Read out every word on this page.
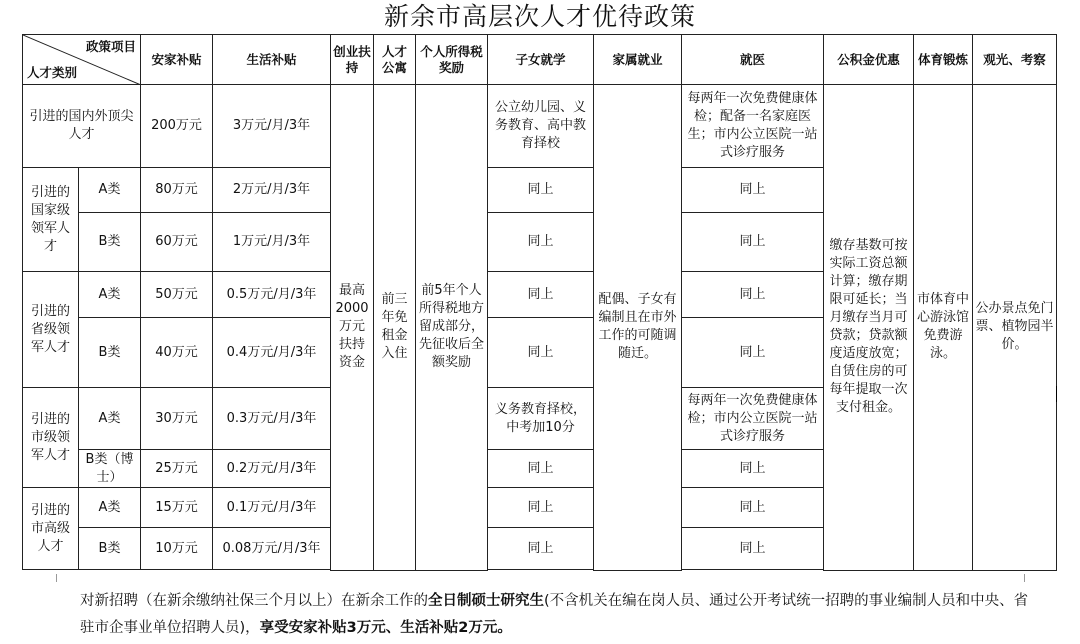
新余市高层次人才优待政策
政策项目
人才类别		安家补贴	生活补贴	创业扶持	人才公寓	个人所得税奖励	子女就学	家属就业	就医	公积金优惠	体育锻炼	观光、考察
引进的国内外顶尖人才		200万元	3万元/月/3年	最高2000万元扶持资金	前三年免租金入住	前5年个人所得税地方留成部分，先征收后全额奖励	公立幼儿园、义务教育、高中教育择校	配偶、子女有编制且在市外工作的可随调随迁。	每两年一次免费健康体检；配备一名家庭医生；市内公立医院一站式诊疗服务	缴存基数可按实际工资总额计算；缴存期限可延长；当月缴存当月可贷款；贷款额度适度放宽；自赁住房的可每年提取一次支付租金。	市体育中心游泳馆免费游泳。	公办景点免门票、植物园半价。
引进的国家级领军人才	A类	80万元	2万元/月/3年				同上		同上			
	B类	60万元	1万元/月/3年				同上		同上			
引进的省级领军人才	A类	50万元	0.5万元/月/3年				同上		同上			
	B类	40万元	0.4万元/月/3年				同上		同上			
引进的市级领军人才	A类	30万元	0.3万元/月/3年				义务教育择校，中考加10分		每两年一次免费健康体检；市内公立医院一站式诊疗服务			
	B类（博士）	25万元	0.2万元/月/3年				同上		同上			
引进的市高级人才	A类	15万元	0.1万元/月/3年				同上		同上			
	B类	10万元	0.08万元/月/3年				同上		同上			

对新招聘（在新余缴纳社保三个月以上）在新余工作的全日制硕士研究生(不含机关在编在岗人员、通过公开考试统一招聘的事业编制人员和中央、省驻市企事业单位招聘人员)，享受安家补贴3万元、生活补贴2万元。
